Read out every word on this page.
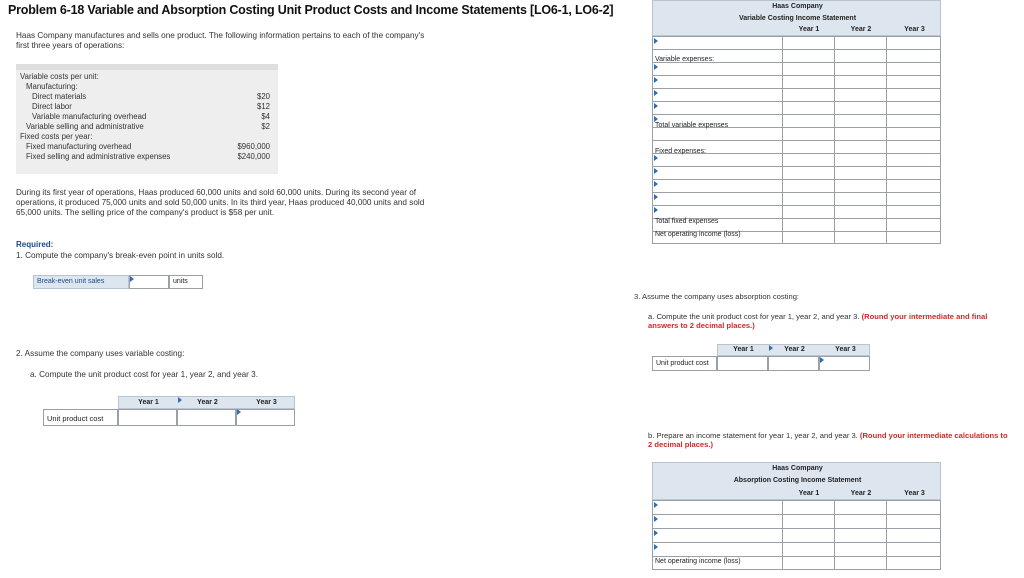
Problem 6-18 Variable and Absorption Costing Unit Product Costs and Income Statements [LO6-1, LO6-2]
Haas Company manufactures and sells one product. The following information pertains to each of the company's first three years of operations:
Variable costs per unit:
Manufacturing:
Direct materials	$20
Direct labor	$12
Variable manufacturing overhead	$4
Variable selling and administrative	$2
Fixed costs per year:
Fixed manufacturing overhead	$960,000
Fixed selling and administrative expenses	$240,000
During its first year of operations, Haas produced 60,000 units and sold 60,000 units. During its second year of operations, it produced 75,000 units and sold 50,000 units. In its third year, Haas produced 40,000 units and sold 65,000 units. The selling price of the company's product is $58 per unit.
Required:
1. Compute the company's break-even point in units sold.
Break-even unit sales	units
2. Assume the company uses variable costing:
a. Compute the unit product cost for year 1, year 2, and year 3.
Year 1	Year 2	Year 3
Unit product cost
Haas Company
Variable Costing Income Statement
Year 1	Year 2	Year 3
Variable expenses:
Total variable expenses
Fixed expenses:
Total fixed expenses
Net operating income (loss)
3. Assume the company uses absorption costing:
a. Compute the unit product cost for year 1, year 2, and year 3. (Round your intermediate and final answers to 2 decimal places.)
Year 1	Year 2	Year 3
Unit product cost
b. Prepare an income statement for year 1, year 2, and year 3. (Round your intermediate calculations to 2 decimal places.)
Haas Company
Absorption Costing Income Statement
Year 1	Year 2	Year 3
Net operating income (loss)
